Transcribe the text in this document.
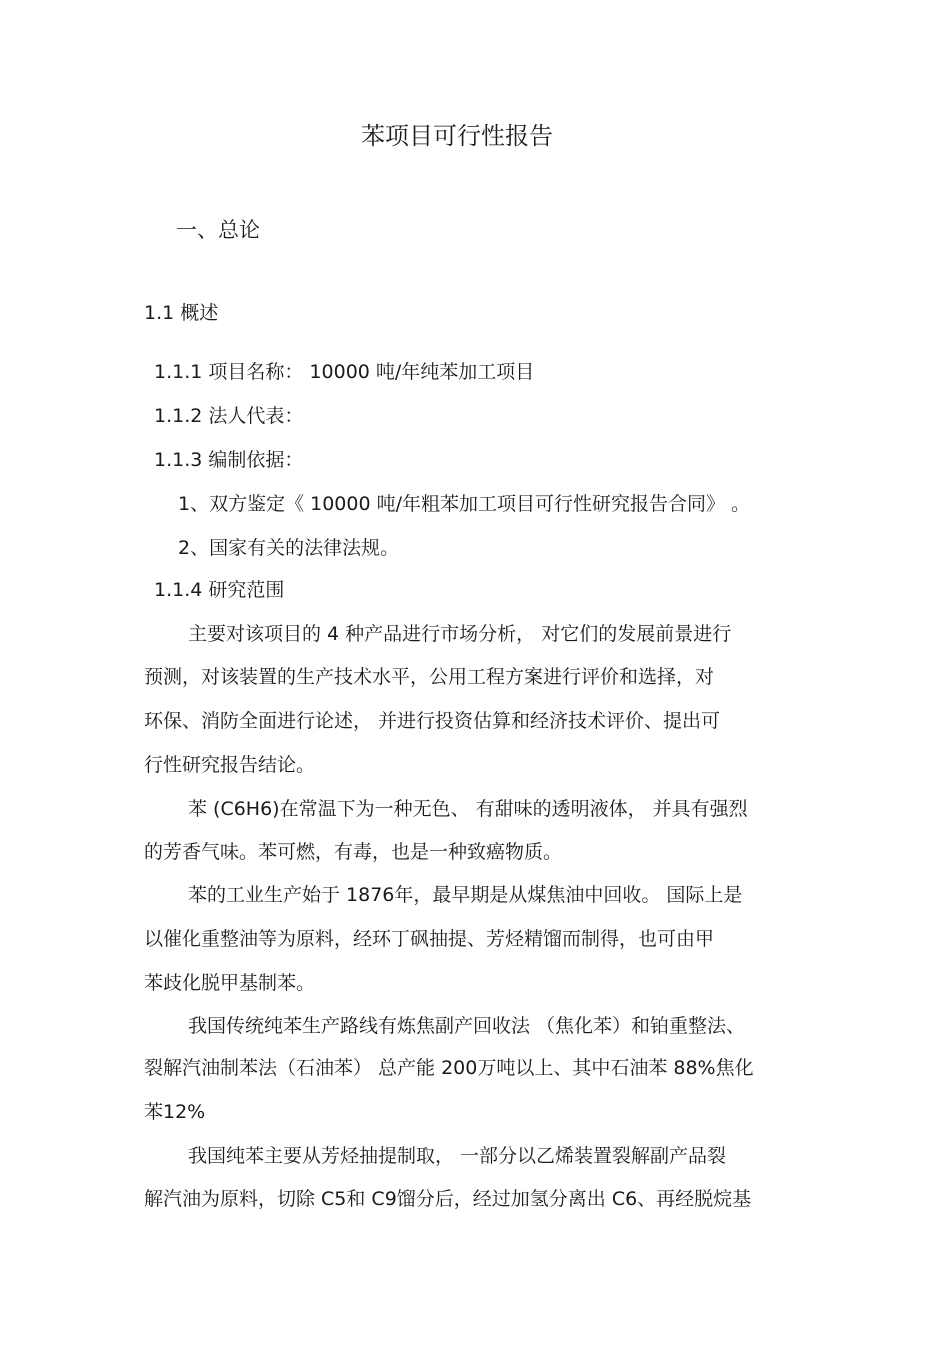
苯项目可行性报告
一、总论
1.1 概述
1.1.1 项目名称： 10000 吨/年纯苯加工项目
1.1.2 法人代表：
1.1.3 编制依据：
1、双方鉴定《 10000 吨/年粗苯加工项目可行性研究报告合同》 。
2、国家有关的法律法规。
1.1.4 研究范围
主要对该项目的 4 种产品进行市场分析， 对它们的发展前景进行
预测，对该装置的生产技术水平，公用工程方案进行评价和选择，对
环保、消防全面进行论述， 并进行投资估算和经济技术评价、提出可
行性研究报告结论。
苯 (C6H6)在常温下为一种无色、 有甜味的透明液体， 并具有强烈
的芳香气味。苯可燃，有毒，也是一种致癌物质。
苯的工业生产始于 1876年，最早期是从煤焦油中回收。 国际上是
以催化重整油等为原料，经环丁砜抽提、芳烃精馏而制得，也可由甲
苯歧化脱甲基制苯。
我国传统纯苯生产路线有炼焦副产回收法 （焦化苯）和铂重整法、
裂解汽油制苯法（石油苯） 总产能 200万吨以上、其中石油苯 88%焦化
苯12%
我国纯苯主要从芳烃抽提制取， 一部分以乙烯装置裂解副产品裂
解汽油为原料，切除 C5和 C9馏分后，经过加氢分离出 C6、再经脱烷基
